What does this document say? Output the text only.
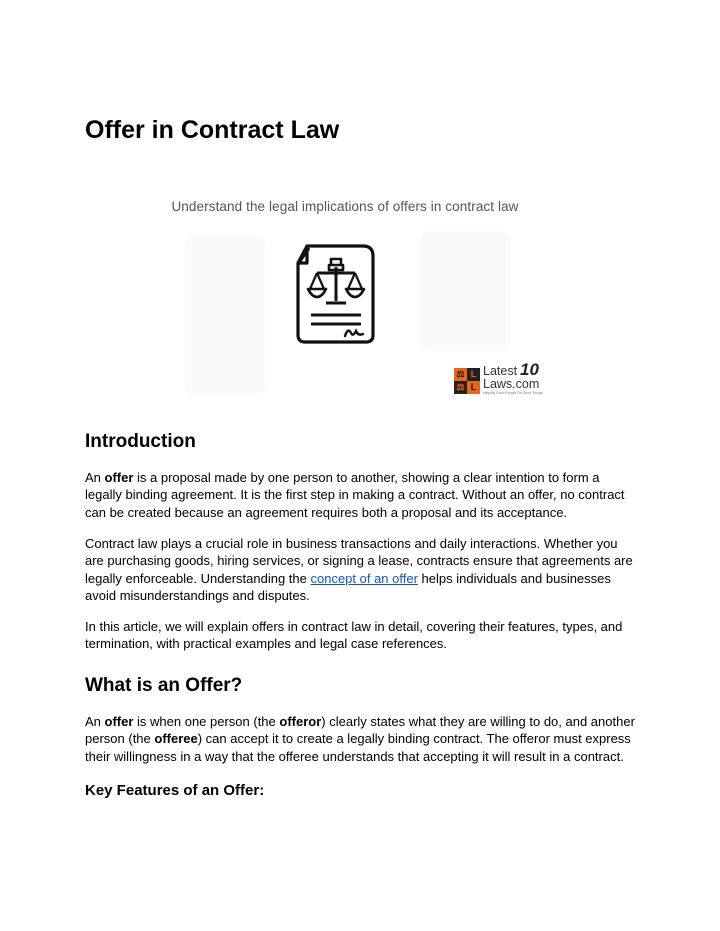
Offer in Contract Law
Understand the legal implications of offers in contract law
⚖ L
⚖ L
Latest
Laws.com
10
Helping Good People Do Good Things
Introduction

An offer is a proposal made by one person to another, showing a clear intention to form a legally binding agreement. It is the first step in making a contract. Without an offer, no contract can be created because an agreement requires both a proposal and its acceptance.

Contract law plays a crucial role in business transactions and daily interactions. Whether you are purchasing goods, hiring services, or signing a lease, contracts ensure that agreements are legally enforceable. Understanding the concept of an offer helps individuals and businesses avoid misunderstandings and disputes.

In this article, we will explain offers in contract law in detail, covering their features, types, and termination, with practical examples and legal case references.

What is an Offer?

An offer is when one person (the offeror) clearly states what they are willing to do, and another person (the offeree) can accept it to create a legally binding contract. The offeror must express their willingness in a way that the offeree understands that accepting it will result in a contract.

Key Features of an Offer:
